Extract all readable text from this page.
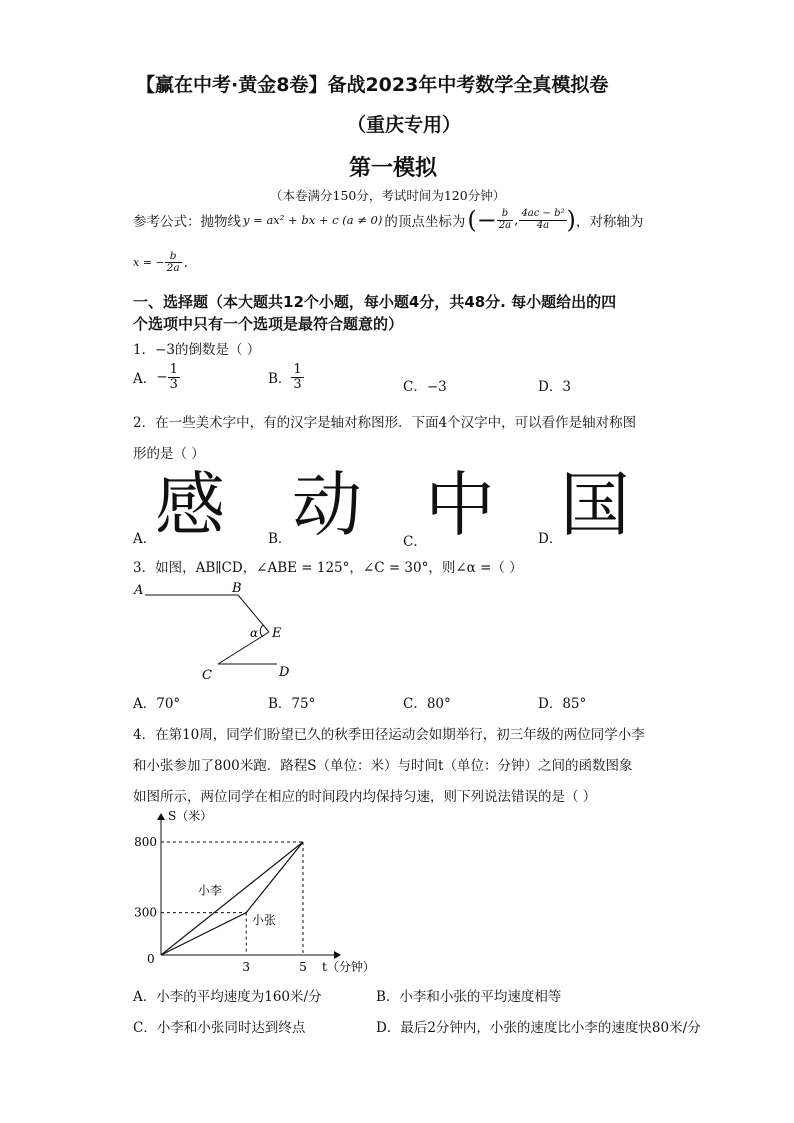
【赢在中考·黄金8卷】备战2023年中考数学全真模拟卷
（重庆专用）
第一模拟
（本卷满分150分，考试时间为120分钟）
参考公式：抛物线 y = ax² + bx + c (a ≠ 0) 的顶点坐标为 (− $\frac{b}{2a}$ , $\frac{\text{4ac − b²}}{4a}$ ) ，对称轴为
x = − $\frac{b}{2a}$ .
一、选择题（本大题共12个小题，每小题4分，共48分. 每小题给出的四
个选项中只有一个选项是最符合题意的）
1．−3的倒数是（ ）
A． − $\frac{1}{3}$	B． $\frac{1}{3}$	C．−3	D．3
2．在一些美术字中，有的汉字是轴对称图形．下面4个汉字中，可以看作是轴对称图
形的是（ ）
A．
感	B． 动	C．
中	D．
国
3．如图，AB∥CD，∠ABE = 125°，∠C = 30°，则∠α =（ ）
A	B
E
α
C	D
A．70°	B．75°	C．80°	D．85°
4．在第10周，同学们盼望已久的秋季田径运动会如期举行，初三年级的两位同学小李
和小张参加了800米跑．路程S（单位：米）与时间t（单位：分钟）之间的函数图象
如图所示，两位同学在相应的时间段内均保持匀速，则下列说法错误的是（ ）
300
800
3	5
小李
小张
S（米）
t（分钟）
0
A．小李的平均速度为160米/分	B．小李和小张的平均速度相等
C．小李和小张同时达到终点	D．最后2分钟内，小张的速度比小李的速度快80米/分
